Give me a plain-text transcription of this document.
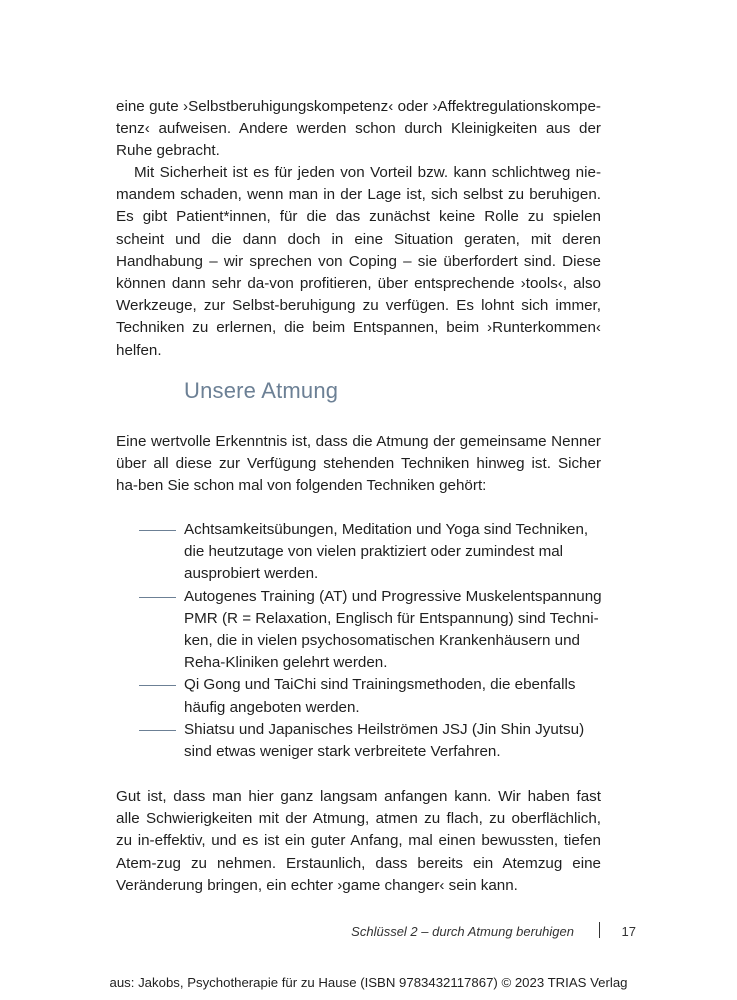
eine gute ›Selbstberuhigungskompetenz‹ oder ›Affektregulationskompe-tenz‹ aufweisen. Andere werden schon durch Kleinigkeiten aus der Ruhe gebracht.

Mit Sicherheit ist es für jeden von Vorteil bzw. kann schlichtweg nie-mandem schaden, wenn man in der Lage ist, sich selbst zu beruhigen. Es gibt Patient*innen, für die das zunächst keine Rolle zu spielen scheint und die dann doch in eine Situation geraten, mit deren Handhabung – wir sprechen von Coping – sie überfordert sind. Diese können dann sehr da-von profitieren, über entsprechende ›tools‹, also Werkzeuge, zur Selbst-beruhigung zu verfügen. Es lohnt sich immer, Techniken zu erlernen, die beim Entspannen, beim ›Runterkommen‹ helfen.

Unsere Atmung

Eine wertvolle Erkenntnis ist, dass die Atmung der gemeinsame Nenner über all diese zur Verfügung stehenden Techniken hinweg ist. Sicher ha-ben Sie schon mal von folgenden Techniken gehört:

Achtsamkeitsübungen, Meditation und Yoga sind Techniken, die heutzutage von vielen praktiziert oder zumindest mal ausprobiert werden.
Autogenes Training (AT) und Progressive Muskelentspannung PMR (R = Relaxation, Englisch für Entspannung) sind Techni-ken, die in vielen psychosomatischen Krankenhäusern und Reha-Kliniken gelehrt werden.
Qi Gong und TaiChi sind Trainingsmethoden, die ebenfalls häufig angeboten werden.
Shiatsu und Japanisches Heilströmen JSJ (Jin Shin Jyutsu) sind etwas weniger stark verbreitete Verfahren.

Gut ist, dass man hier ganz langsam anfangen kann. Wir haben fast alle Schwierigkeiten mit der Atmung, atmen zu flach, zu oberflächlich, zu in-effektiv, und es ist ein guter Anfang, mal einen bewussten, tiefen Atem-zug zu nehmen. Erstaunlich, dass bereits ein Atemzug eine Veränderung bringen, ein echter ›game changer‹ sein kann.

Schlüssel 2 – durch Atmung beruhigen	17
aus: Jakobs, Psychotherapie für zu Hause (ISBN 9783432117867) © 2023 TRIAS Verlag
